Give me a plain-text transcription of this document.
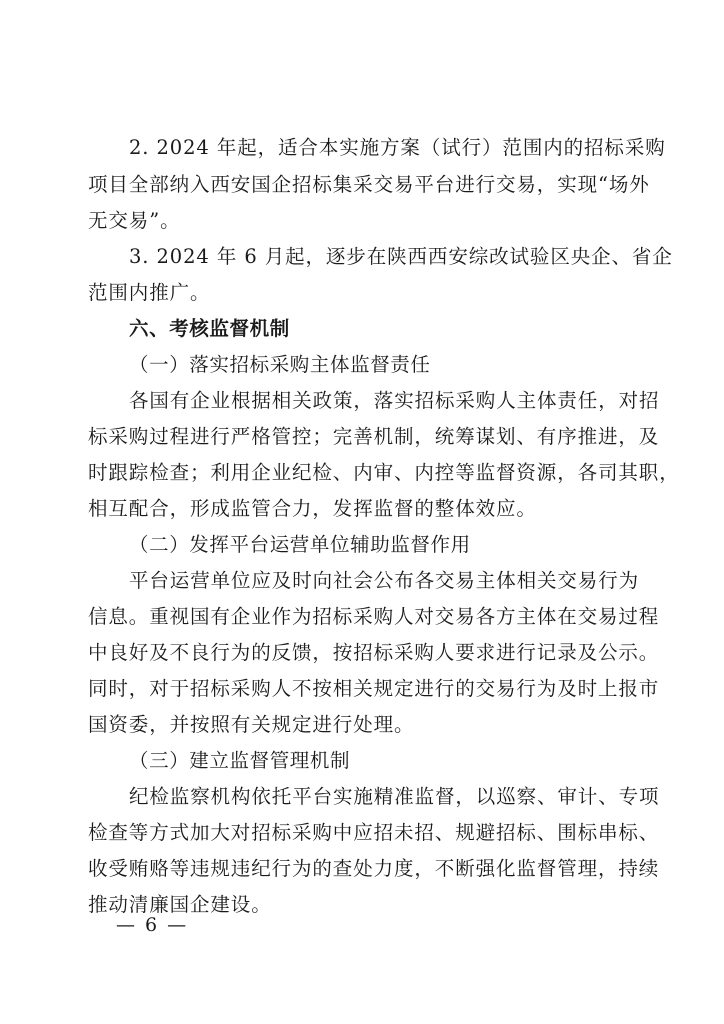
2. 2024 年起，适合本实施方案（试行）范围内的招标采购
项目全部纳入西安国企招标集采交易平台进行交易，实现“场外
无交易”。
3. 2024 年 6 月起，逐步在陕西西安综改试验区央企、省企
范围内推广。
六、考核监督机制
（一）落实招标采购主体监督责任
各国有企业根据相关政策，落实招标采购人主体责任，对招
标采购过程进行严格管控；完善机制，统筹谋划、有序推进，及
时跟踪检查；利用企业纪检、内审、内控等监督资源，各司其职，
相互配合，形成监管合力，发挥监督的整体效应。
（二）发挥平台运营单位辅助监督作用
平台运营单位应及时向社会公布各交易主体相关交易行为
信息。重视国有企业作为招标采购人对交易各方主体在交易过程
中良好及不良行为的反馈，按招标采购人要求进行记录及公示。
同时，对于招标采购人不按相关规定进行的交易行为及时上报市
国资委，并按照有关规定进行处理。
（三）建立监督管理机制
纪检监察机构依托平台实施精准监督，以巡察、审计、专项
检查等方式加大对招标采购中应招未招、规避招标、围标串标、
收受贿赂等违规违纪行为的查处力度，不断强化监督管理，持续
推动清廉国企建设。
— 6 —
